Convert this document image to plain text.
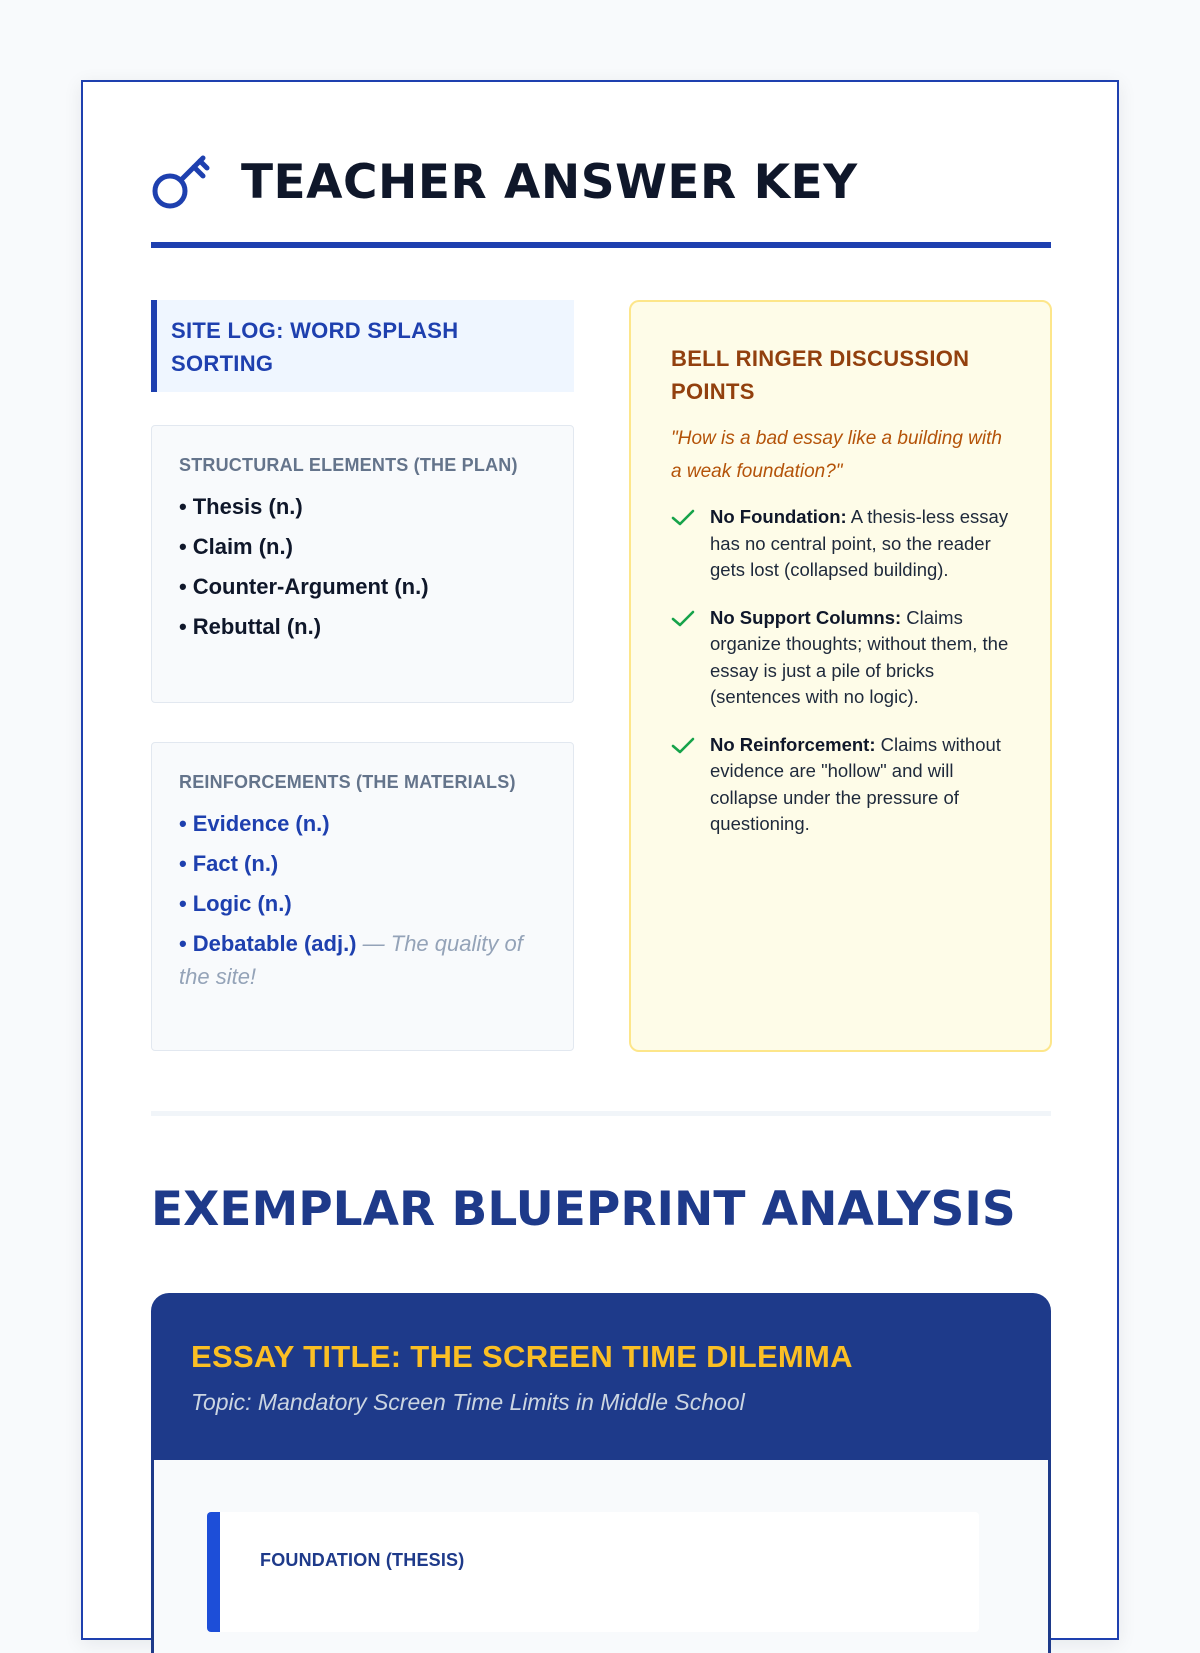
TEACHER ANSWER KEY
SITE LOG: WORD SPLASH SORTING
STRUCTURAL ELEMENTS (THE PLAN)
• Thesis (n.)
• Claim (n.)
• Counter-Argument (n.)
• Rebuttal (n.)
REINFORCEMENTS (THE MATERIALS)
• Evidence (n.)
• Fact (n.)
• Logic (n.)
• Debatable (adj.) — The quality of the site!
BELL RINGER DISCUSSION POINTS
"How is a bad essay like a building with a weak foundation?"
No Foundation: A thesis-less essay has no central point, so the reader gets lost (collapsed building).
No Support Columns: Claims organize thoughts; without them, the essay is just a pile of bricks (sentences with no logic).
No Reinforcement: Claims without evidence are "hollow" and will collapse under the pressure of questioning.
EXEMPLAR BLUEPRINT ANALYSIS
ESSAY TITLE: THE SCREEN TIME DILEMMA
Topic: Mandatory Screen Time Limits in Middle School
FOUNDATION (THESIS)
